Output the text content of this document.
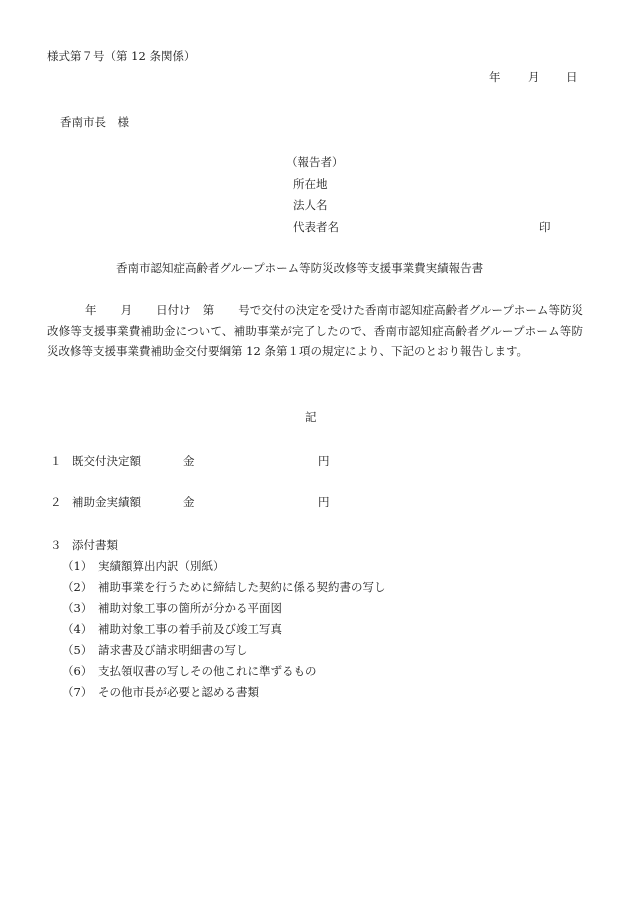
様式第７号（第 12 条関係）
年 月 日
香南市長　様
（報告者）
所在地
法人名
代表者名	印
香南市認知症高齢者グループホーム等防災改修等支援事業費実績報告書
年 月 日付け 第 号で交付の決定を受けた香南市認知症高齢者グループホーム等防災改修等支援事業費補助金について、補助事業が完了したので、香南市認知症高齢者グループホーム等防災改修等支援事業費補助金交付要綱第 12 条第１項の規定により、下記のとおり報告します。
記
１ 既交付決定額	金	円
２ 補助金実績額	金	円
３ 添付書類
（1） 実績額算出内訳（別紙）
（2） 補助事業を行うために締結した契約に係る契約書の写し
（3） 補助対象工事の箇所が分かる平面図
（4） 補助対象工事の着手前及び竣工写真
（5） 請求書及び請求明細書の写し
（6） 支払領収書の写しその他これに準ずるもの
（7） その他市長が必要と認める書類
